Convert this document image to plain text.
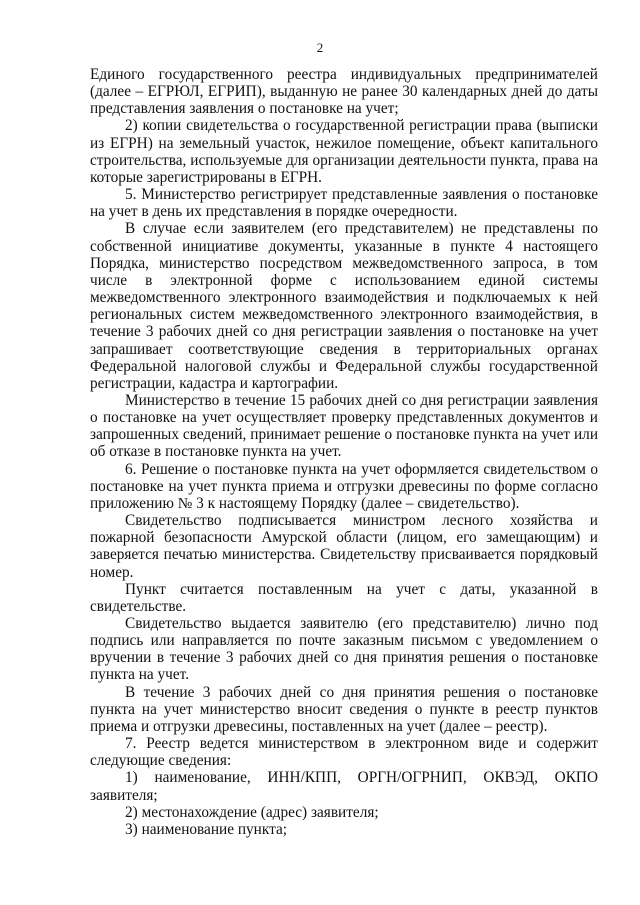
2

Единого государственного реестра индивидуальных предпринимателей (далее – ЕГРЮЛ, ЕГРИП), выданную не ранее 30 календарных дней до даты представления заявления о постановке на учет;

2) копии свидетельства о государственной регистрации права (выписки из ЕГРН) на земельный участок, нежилое помещение, объект капитального строительства, используемые для организации деятельности пункта, права на которые зарегистрированы в ЕГРН.

5. Министерство регистрирует представленные заявления о постановке на учет в день их представления в порядке очередности.

В случае если заявителем (его представителем) не представлены по собственной инициативе документы, указанные в пункте 4 настоящего Порядка, министерство посредством межведомственного запроса, в том числе в электронной форме с использованием единой системы межведомственного электронного взаимодействия и подключаемых к ней региональных систем межведомственного электронного взаимодействия, в течение 3 рабочих дней со дня регистрации заявления о постановке на учет запрашивает соответствующие сведения в территориальных органах Федеральной налоговой службы и Федеральной службы государственной регистрации, кадастра и картографии.

Министерство в течение 15 рабочих дней со дня регистрации заявления о постановке на учет осуществляет проверку представленных документов и запрошенных сведений, принимает решение о постановке пункта на учет или об отказе в постановке пункта на учет.

6. Решение о постановке пункта на учет оформляется свидетельством о постановке на учет пункта приема и отгрузки древесины по форме согласно приложению № 3 к настоящему Порядку (далее – свидетельство).

Свидетельство подписывается министром лесного хозяйства и пожарной безопасности Амурской области (лицом, его замещающим) и заверяется печатью министерства. Свидетельству присваивается порядковый номер.

Пункт считается поставленным на учет с даты, указанной в свидетельстве.

Свидетельство выдается заявителю (его представителю) лично под подпись или направляется по почте заказным письмом с уведомлением о вручении в течение 3 рабочих дней со дня принятия решения о постановке пункта на учет.

В течение 3 рабочих дней со дня принятия решения о постановке пункта на учет министерство вносит сведения о пункте в реестр пунктов приема и отгрузки древесины, поставленных на учет (далее – реестр).

7. Реестр ведется министерством в электронном виде и содержит следующие сведения:

1) наименование, ИНН/КПП, ОРГН/ОГРНИП, ОКВЭД, ОКПО заявителя;

2) местонахождение (адрес) заявителя;

3) наименование пункта;
